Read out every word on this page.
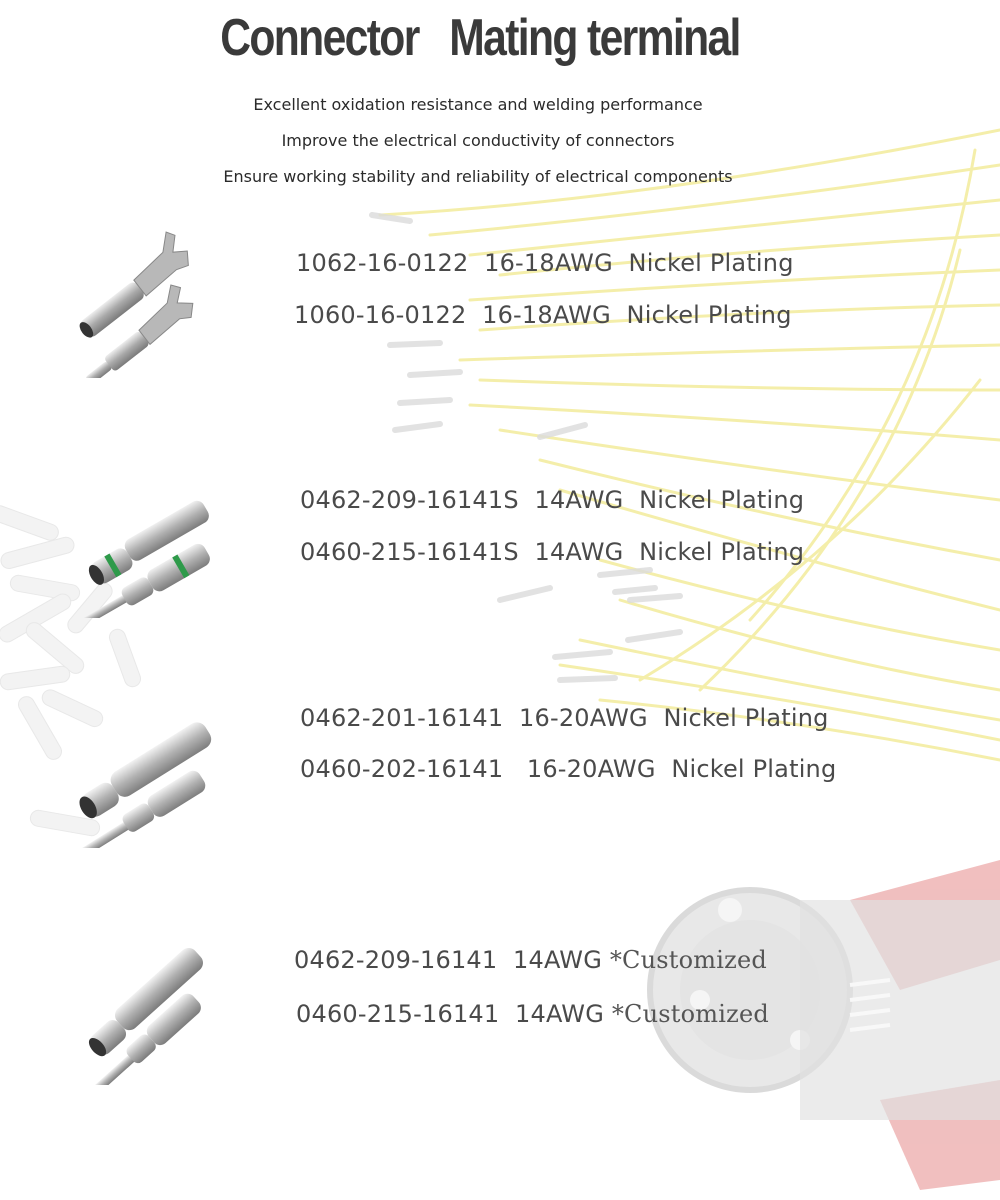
Connector   Mating terminal
Excellent oxidation resistance and welding performance
Improve the electrical conductivity of connectors
Ensure working stability and reliability of electrical components
1062-16-0122 16-18AWG Nickel Plating
1060-16-0122 16-18AWG Nickel Plating
0462-209-16141S 14AWG Nickel Plating
0460-215-16141S 14AWG Nickel Plating
0462-201-16141 16-20AWG Nickel Plating
0460-202-16141   16-20AWG Nickel Plating
0462-209-16141 14AWG *Customized
0460-215-16141 14AWG *Customized
